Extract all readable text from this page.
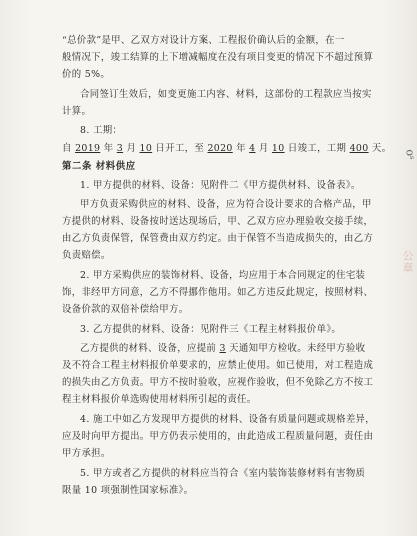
“总价款”是甲、乙双方对设计方案、工程报价确认后的金额，在一
般情况下，竣工结算的上下增减幅度在没有项目变更的情况下不超过预算
价的 5%。
合同签订生效后，如变更施工内容、材料，这部份的工程款应当按实
计算。
8. 工期：
自 2019 年 3 月 10 日开工，至 2020 年 4 月 10 日竣工，工期 400 天。
第二条 材料供应
1. 甲方提供的材料、设备：见附件二《甲方提供材料、设备表》。
甲方负责采购供应的材料、设备，应为符合设计要求的合格产品，甲
方提供的材料、设备按时送达现场后，甲、乙双方应办理验收交接手续，
由乙方负责保管，保管费由双方约定。由于保管不当造成损失的，由乙方
负责赔偿。
2. 甲方采购供应的装饰材料、设备，均应用于本合同规定的住宅装
饰，非经甲方同意，乙方不得挪作他用。如乙方违反此规定，按照材料、
设备价款的双倍补偿给甲方。
3. 乙方提供的材料、设备：见附件三《工程主材料报价单》。
乙方提供的材料、设备，应提前 3 天通知甲方检收。未经甲方验收
及不符合工程主材料报价单要求的，应禁止使用。如已使用，对工程造成
的损失由乙方负责。甲方不按时验收，应视作验收，但不免除乙方不按工
程主材料报价单选购使用材料所引起的责任。
4. 施工中如乙方发现甲方提供的材料、设备有质量问题或规格差异，
应及时向甲方提出。甲方仍表示使用的，由此造成工程质量问题，责任由
甲方承担。
5. 甲方或者乙方提供的材料应当符合《室内装饰装修材料有害物质
限量 10 项强制性国家标准》。
oˢ
公章
